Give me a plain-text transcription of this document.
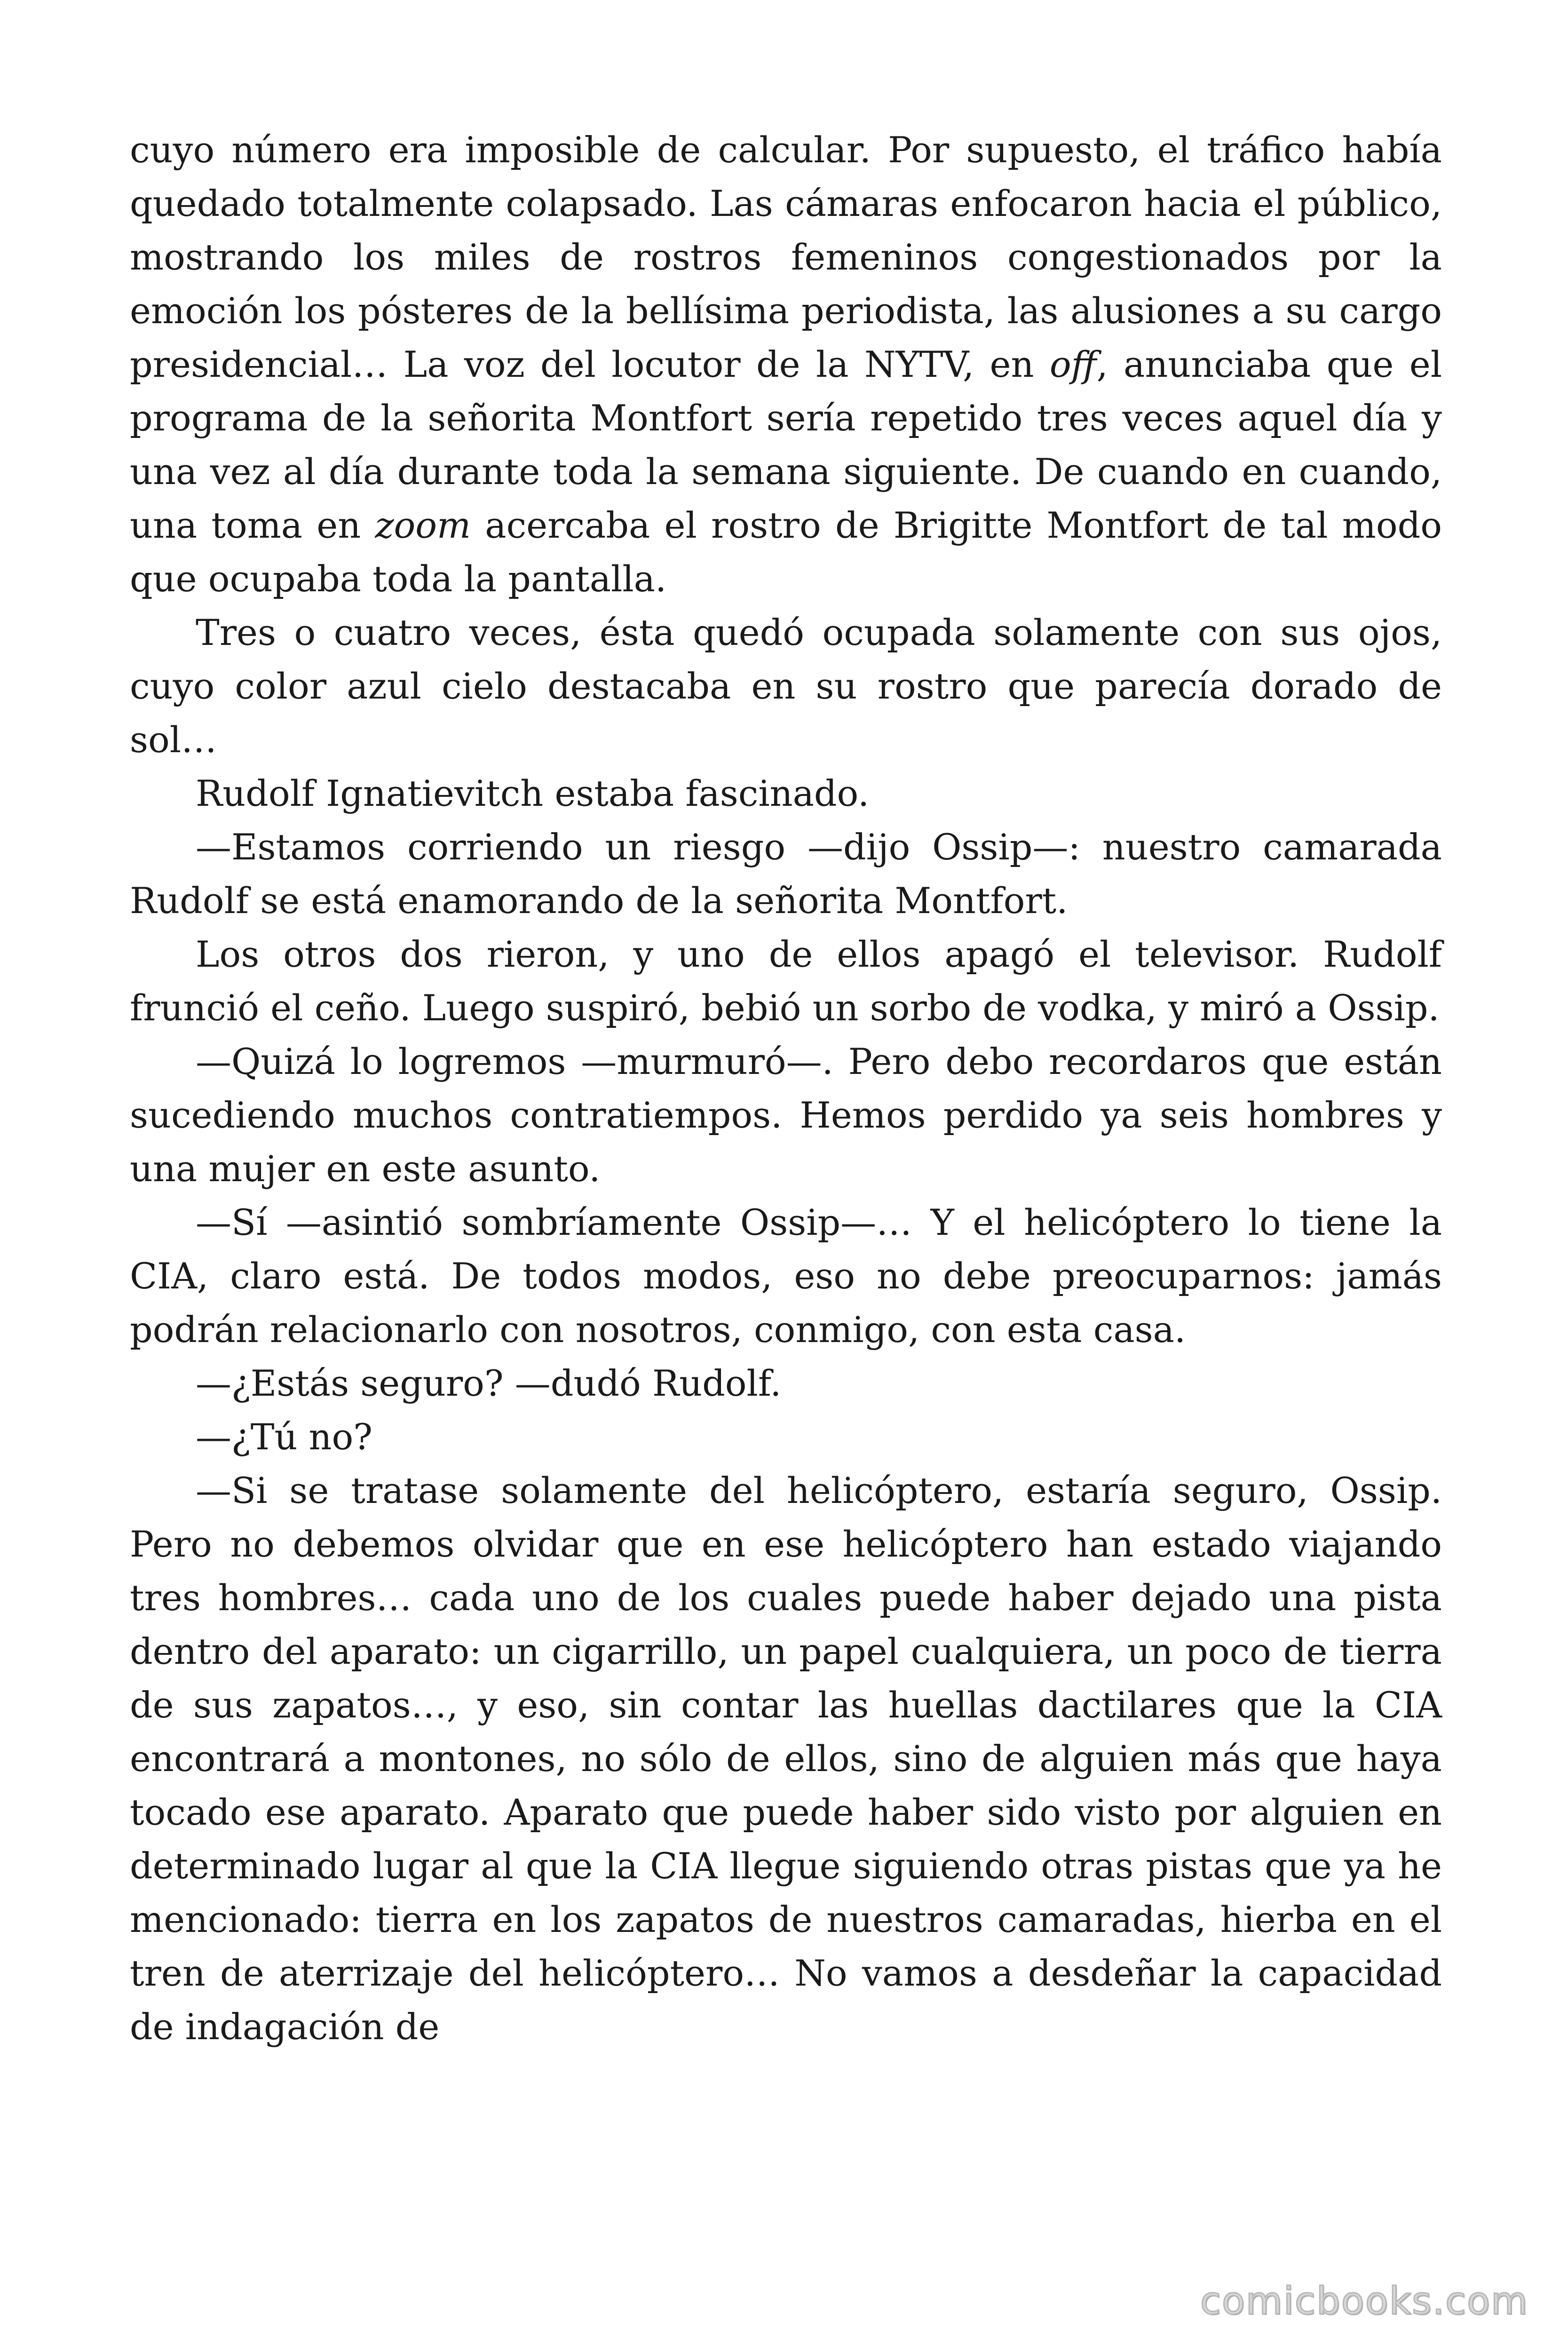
cuyo número era imposible de calcular. Por supuesto, el tráfico había quedado totalmente colapsado. Las cámaras enfocaron hacia el público, mostrando los miles de rostros femeninos congestionados por la emoción los pósteres de la bellísima periodista, las alusiones a su cargo presidencial… La voz del locutor de la NYTV, en off, anunciaba que el programa de la señorita Montfort sería repetido tres veces aquel día y una vez al día durante toda la semana siguiente. De cuando en cuando, una toma en zoom acercaba el rostro de Brigitte Montfort de tal modo que ocupaba toda la pantalla.

Tres o cuatro veces, ésta quedó ocupada solamente con sus ojos, cuyo color azul cielo destacaba en su rostro que parecía dorado de sol…

Rudolf Ignatievitch estaba fascinado.

—Estamos corriendo un riesgo —dijo Ossip—: nuestro camarada Rudolf se está enamorando de la señorita Montfort.

Los otros dos rieron, y uno de ellos apagó el televisor. Rudolf frunció el ceño. Luego suspiró, bebió un sorbo de vodka, y miró a Ossip.

—Quizá lo logremos —murmuró—. Pero debo recordaros que están sucediendo muchos contratiempos. Hemos perdido ya seis hombres y una mujer en este asunto.

—Sí —asintió sombríamente Ossip—… Y el helicóptero lo tiene la CIA, claro está. De todos modos, eso no debe preocuparnos: jamás podrán relacionarlo con nosotros, conmigo, con esta casa.

—¿Estás seguro? —dudó Rudolf.

—¿Tú no?

—Si se tratase solamente del helicóptero, estaría seguro, Ossip. Pero no debemos olvidar que en ese helicóptero han estado viajando tres hombres… cada uno de los cuales puede haber dejado una pista dentro del aparato: un cigarrillo, un papel cualquiera, un poco de tierra de sus zapatos…, y eso, sin contar las huellas dactilares que la CIA encontrará a montones, no sólo de ellos, sino de alguien más que haya tocado ese aparato. Aparato que puede haber sido visto por alguien en determinado lugar al que la CIA llegue siguiendo otras pistas que ya he mencionado: tierra en los zapatos de nuestros camaradas, hierba en el tren de aterrizaje del helicóptero… No vamos a desdeñar la capacidad de indagación de

comicbooks.com
